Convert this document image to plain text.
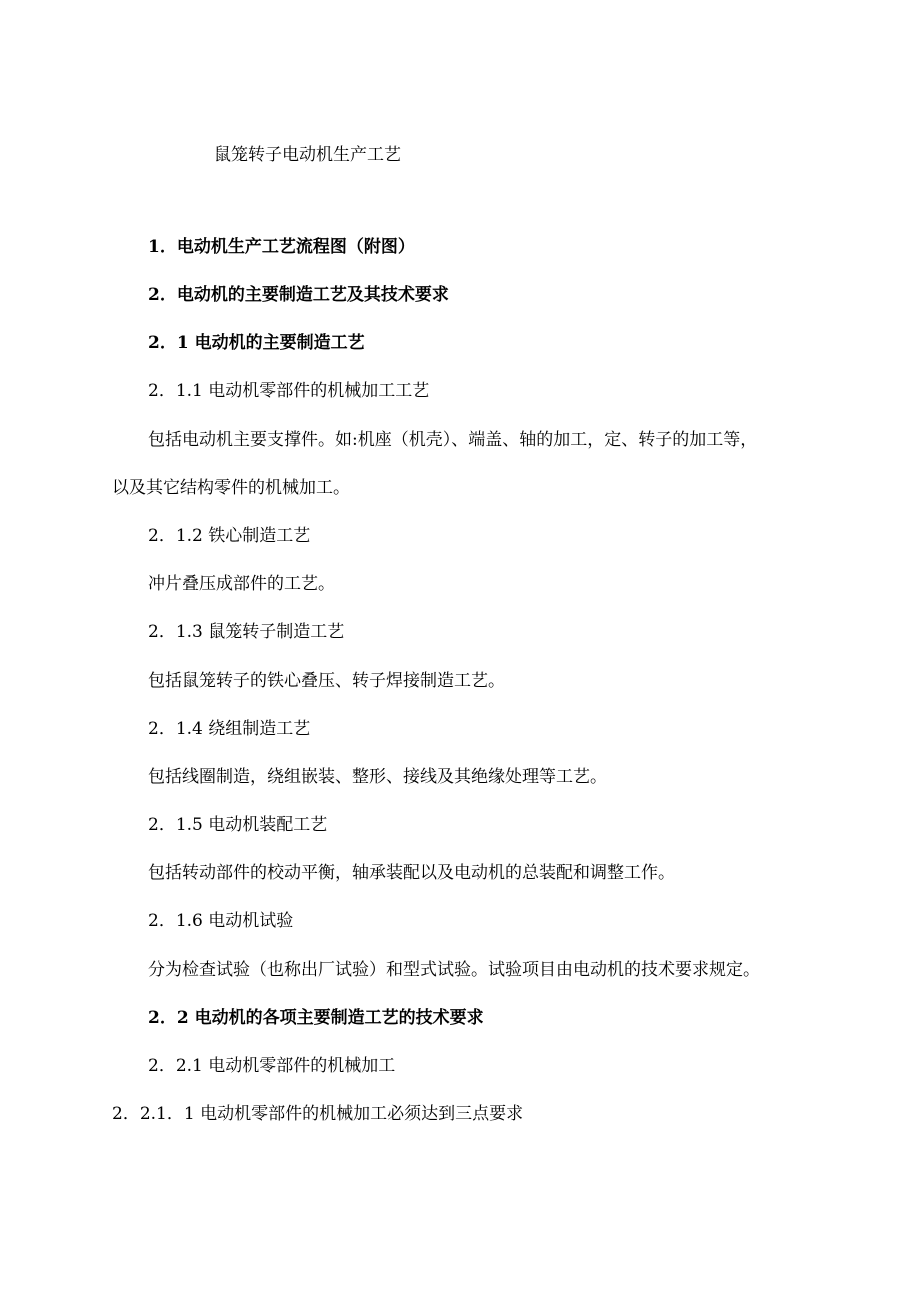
鼠笼转子电动机生产工艺
1．电动机生产工艺流程图（附图）
2．电动机的主要制造工艺及其技术要求
2．1 电动机的主要制造工艺
2．1.1 电动机零部件的机械加工工艺
包括电动机主要支撑件。如:机座（机壳）、端盖、轴的加工，定、转子的加工等，
以及其它结构零件的机械加工。
2．1.2 铁心制造工艺
冲片叠压成部件的工艺。
2．1.3 鼠笼转子制造工艺
包括鼠笼转子的铁心叠压、转子焊接制造工艺。
2．1.4 绕组制造工艺
包括线圈制造，绕组嵌装、整形、接线及其绝缘处理等工艺。
2．1.5 电动机装配工艺
包括转动部件的校动平衡，轴承装配以及电动机的总装配和调整工作。
2．1.6 电动机试验
分为检查试验（也称出厂试验）和型式试验。试验项目由电动机的技术要求规定。
2．2 电动机的各项主要制造工艺的技术要求
2．2.1 电动机零部件的机械加工
2．2.1．1 电动机零部件的机械加工必须达到三点要求
